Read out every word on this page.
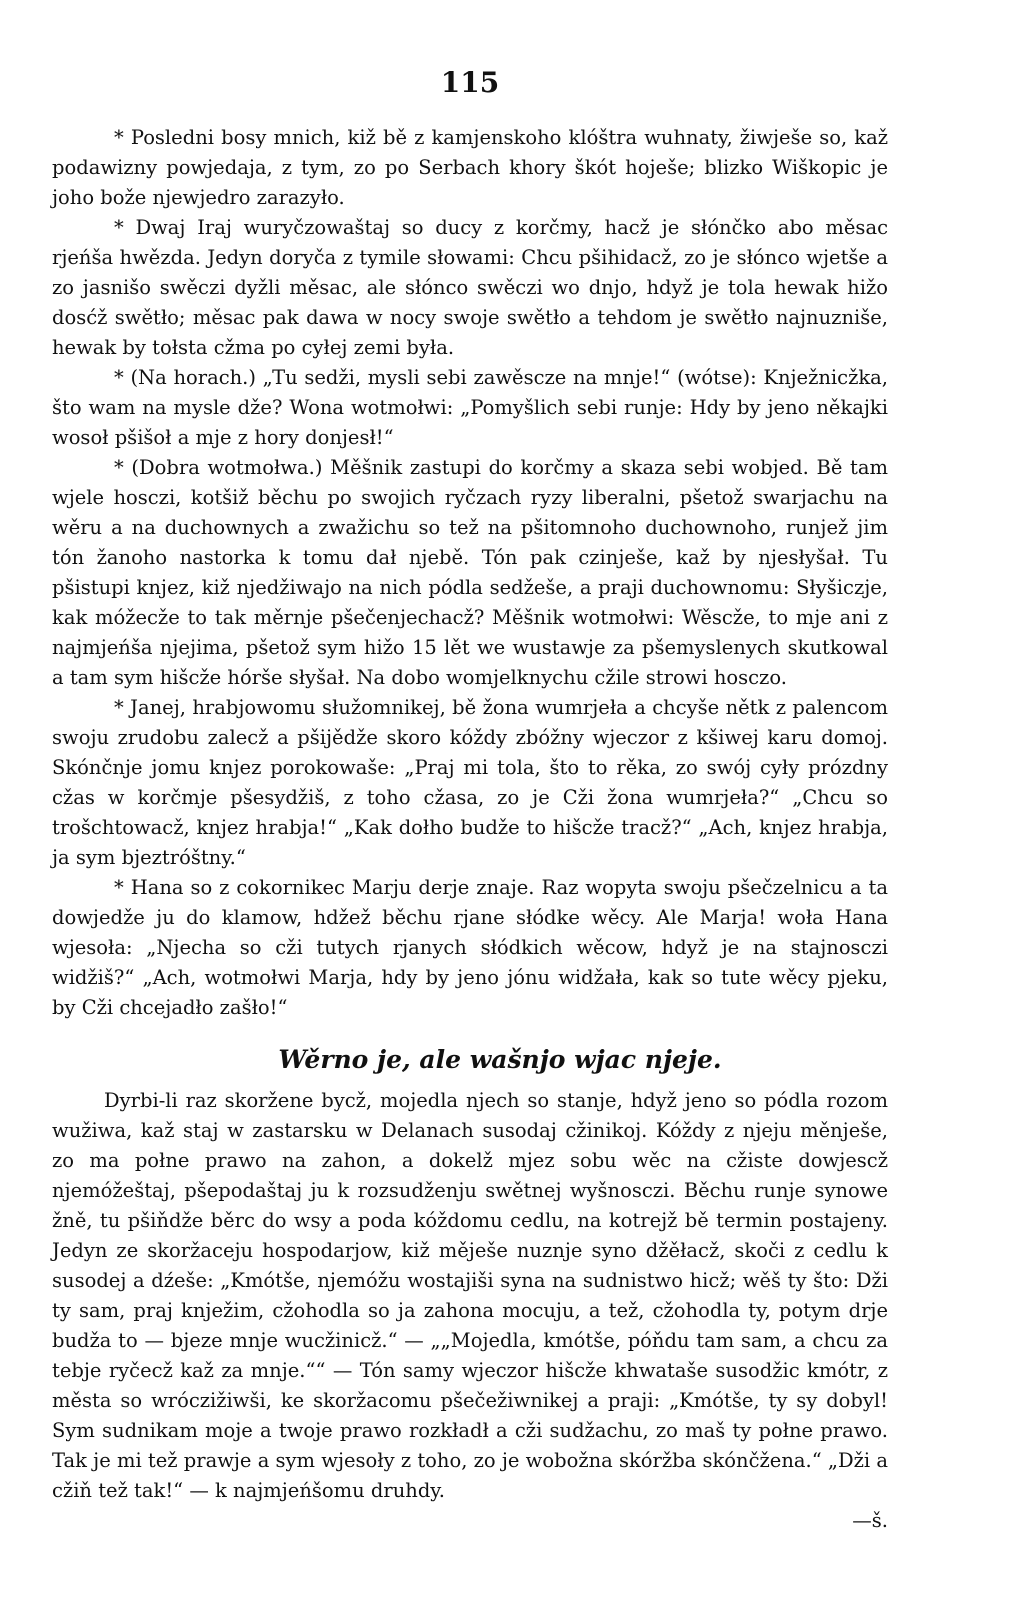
115

* Posledni bosy mnich, kiž bě z kamjenskoho klóštra wuhnaty, žiwješe so, kaž podawizny powjedaja, z tym, zo po Serbach khory škót hoješe; blizko Wiškopic je joho bože njewjedro zarazyło.

* Dwaj Iraj wuryčzowaštaj so ducy z korčmy, hacž je słónčko abo měsac rjeńša hwězda. Jedyn doryča z tymile słowami: Chcu pšihidacž, zo je słónco wjetše a zo jasnišo swěczi dyžli měsac, ale słónco swěczi wo dnjo, hdyž je tola hewak hižo dosćž swětło; měsac pak dawa w nocy swoje swětło a tehdom je swětło najnuzniše, hewak by tołsta cžma po cyłej zemi była.

* (Na horach.) „Tu sedži, mysli sebi zawěscze na mnje!“ (wótse): Knježnicžka, što wam na mysle dže? Wona wotmołwi: „Pomyšlich sebi runje: Hdy by jeno někajki wosoł pšišoł a mje z hory donjesł!“

* (Dobra wotmołwa.) Měšnik zastupi do korčmy a skaza sebi wobjed. Bě tam wjele hosczi, kotšiž běchu po swojich ryčzach ryzy liberalni, pšetož swarjachu na wěru a na duchownych a zwažichu so tež na pšitomnoho duchownoho, runjež jim tón žanoho nastorka k tomu dał njebě. Tón pak czinješe, kaž by njesłyšał. Tu pšistupi knjez, kiž njedžiwajo na nich pódla sedžeše, a praji duchownomu: Słyšiczje, kak móžecže to tak měrnje pšečenjechacž? Měšnik wotmołwi: Wěscže, to mje ani z najmjeńša njejima, pšetož sym hižo 15 lět we wustawje za pšemyslenych skutkowal a tam sym hišcže hórše słyšał. Na dobo womjelknychu cžile strowi hosczo.

* Janej, hrabjowomu słužomnikej, bě žona wumrjeła a chcyše nětk z palencom swoju zrudobu zalecž a pšijědže skoro kóždy zbóžny wjeczor z kšiwej karu domoj. Skónčnje jomu knjez porokowaše: „Praj mi tola, što to rěka, zo swój cyły prózdny cžas w korčmje pšesydžiš, z toho cžasa, zo je Cži žona wumrjeła?“ „Chcu so trošchtowacž, knjez hrabja!“ „Kak dołho budže to hišcže tracž?“ „Ach, knjez hrabja, ja sym bjeztróštny.“

* Hana so z cokornikec Marju derje znaje. Raz wopyta swoju pšečzelnicu a ta dowjedže ju do klamow, hdžež běchu rjane słódke wěcy. Ale Marja! woła Hana wjesoła: „Njecha so cži tutych rjanych słódkich wěcow, hdyž je na stajnosczi widžiš?“ „Ach, wotmołwi Marja, hdy by jeno jónu widžała, kak so tute wěcy pjeku, by Cži chcejadło zašło!“

Wěrno je, ale wašnjo wjac njeje.

Dyrbi-li raz skoržene bycž, mojedla njech so stanje, hdyž jeno so pódla rozom wužiwa, kaž staj w zastarsku w Delanach susodaj cžinikoj. Kóždy z njeju měnješe, zo ma połne prawo na zahon, a dokelž mjez sobu wěc na cžiste dowjescž njemóžeštaj, pšepodaštaj ju k rozsudženju swětnej wyšnosczi. Běchu runje synowe žně, tu pšiňdže běrc do wsy a poda kóždomu cedlu, na kotrejž bě termin postajeny. Jedyn ze skoržaceju hospodarjow, kiž měješe nuznje syno džěłacž, skoči z cedlu k susodej a dźeše: „Kmótše, njemóžu wostajiši syna na sudnistwo hicž; wěš ty što: Dži ty sam, praj knježim, cžohodla so ja zahona mocuju, a tež, cžohodla ty, potym drje budža to — bjeze mnje wucžinicž.“ — „„Mojedla, kmótše, póňdu tam sam, a chcu za tebje ryčecž kaž za mnje.““ — Tón samy wjeczor hišcže khwataše susodžic kmótr, z města so wróczižiwši, ke skoržacomu pšečežiwnikej a praji: „Kmótše, ty sy dobyl! Sym sudnikam moje a twoje prawo rozkładł a cži sudžachu, zo maš ty połne prawo. Tak je mi tež prawje a sym wjesoły z toho, zo je wobožna skóržba skónčžena.“ „Dži a cžiň tež tak!“ — k najmjeńšomu druhdy.

—š.
